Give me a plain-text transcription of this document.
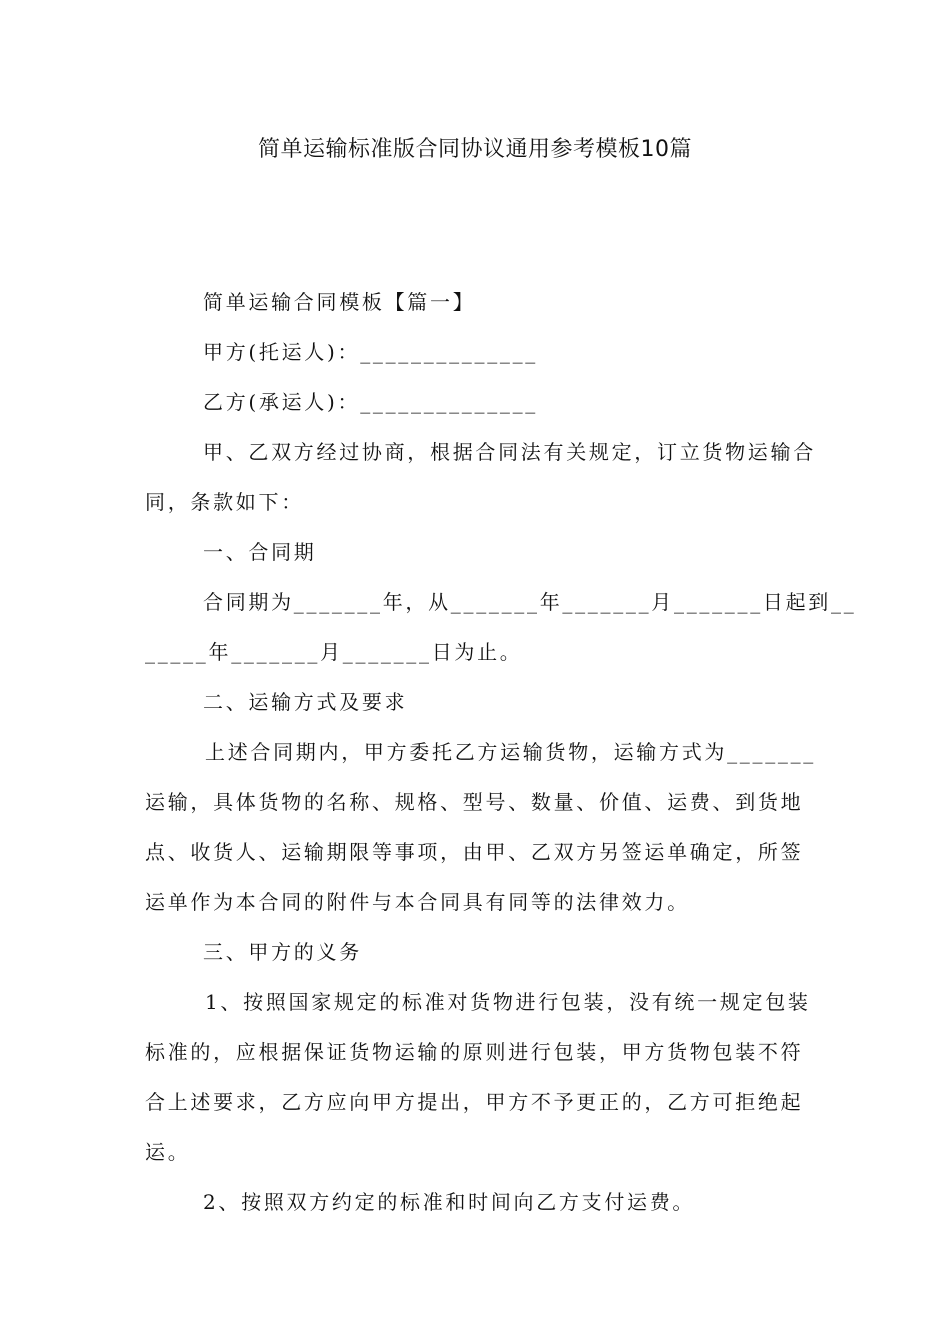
简单运输标准版合同协议通用参考模板10篇
简单运输合同模板【篇一】
甲方(托运人)：______________
乙方(承运人)：______________
甲、乙双方经过协商，根据合同法有关规定，订立货物运输合
同，条款如下：
一、合同期
合同期为_______年，从_______年_______月_______日起到__
_____年_______月_______日为止。
二、运输方式及要求
上述合同期内，甲方委托乙方运输货物，运输方式为_______
运输，具体货物的名称、规格、型号、数量、价值、运费、到货地
点、收货人、运输期限等事项，由甲、乙双方另签运单确定，所签
运单作为本合同的附件与本合同具有同等的法律效力。
三、甲方的义务
1、按照国家规定的标准对货物进行包装，没有统一规定包装
标准的，应根据保证货物运输的原则进行包装，甲方货物包装不符
合上述要求，乙方应向甲方提出，甲方不予更正的，乙方可拒绝起
运。
2、按照双方约定的标准和时间向乙方支付运费。
